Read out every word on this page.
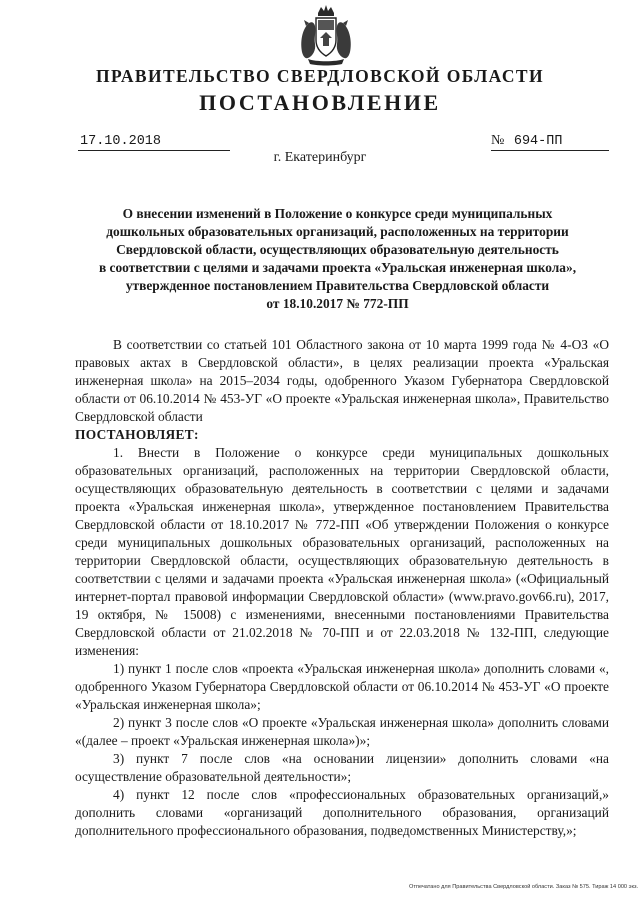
ПРАВИТЕЛЬСТВО СВЕРДЛОВСКОЙ ОБЛАСТИ
ПОСТАНОВЛЕНИЕ
17.10.2018	№ 694-ПП
г. Екатеринбург
О внесении изменений в Положение о конкурсе среди муниципальных
дошкольных образовательных организаций, расположенных на территории
Свердловской области, осуществляющих образовательную деятельность
в соответствии с целями и задачами проекта «Уральская инженерная школа»,
утвержденное постановлением Правительства Свердловской области
от 18.10.2017 № 772-ПП

В соответствии со статьей 101 Областного закона от 10 марта 1999 года № 4-ОЗ «О правовых актах в Свердловской области», в целях реализации проекта «Уральская инженерная школа» на 2015–2034 годы, одобренного Указом Губернатора Свердловской области от 06.10.2014 № 453-УГ «О проекте «Уральская инженерная школа», Правительство Свердловской области

ПОСТАНОВЛЯЕТ:

1. Внести в Положение о конкурсе среди муниципальных дошкольных образовательных организаций, расположенных на территории Свердловской области, осуществляющих образовательную деятельность в соответствии с целями и задачами проекта «Уральская инженерная школа», утвержденное постановлением Правительства Свердловской области от 18.10.2017 № 772-ПП «Об утверждении Положения о конкурсе среди муниципальных дошкольных образовательных организаций, расположенных на территории Свердловской области, осуществляющих образовательную деятельность в соответствии с целями и задачами проекта «Уральская инженерная школа» («Официальный интернет-портал правовой информации Свердловской области» (www.pravo.gov66.ru), 2017, 19 октября, № 15008) с изменениями, внесенными постановлениями Правительства Свердловской области от 21.02.2018 № 70-ПП и от 22.03.2018 № 132-ПП, следующие изменения:

1) пункт 1 после слов «проекта «Уральская инженерная школа» дополнить словами «, одобренного Указом Губернатора Свердловской области от 06.10.2014 № 453-УГ «О проекте «Уральская инженерная школа»;

2) пункт 3 после слов «О проекте «Уральская инженерная школа» дополнить словами «(далее – проект «Уральская инженерная школа»)»;

3) пункт 7 после слов «на основании лицензии» дополнить словами «на осуществление образовательной деятельности»;

4) пункт 12 после слов «профессиональных образовательных организаций,» дополнить словами «организаций дополнительного образования, организаций дополнительного профессионального образования, подведомственных Министерству,»;

Отпечатано для Правительства Свердловской области. Заказ № 575. Тираж 14 000 экз.
